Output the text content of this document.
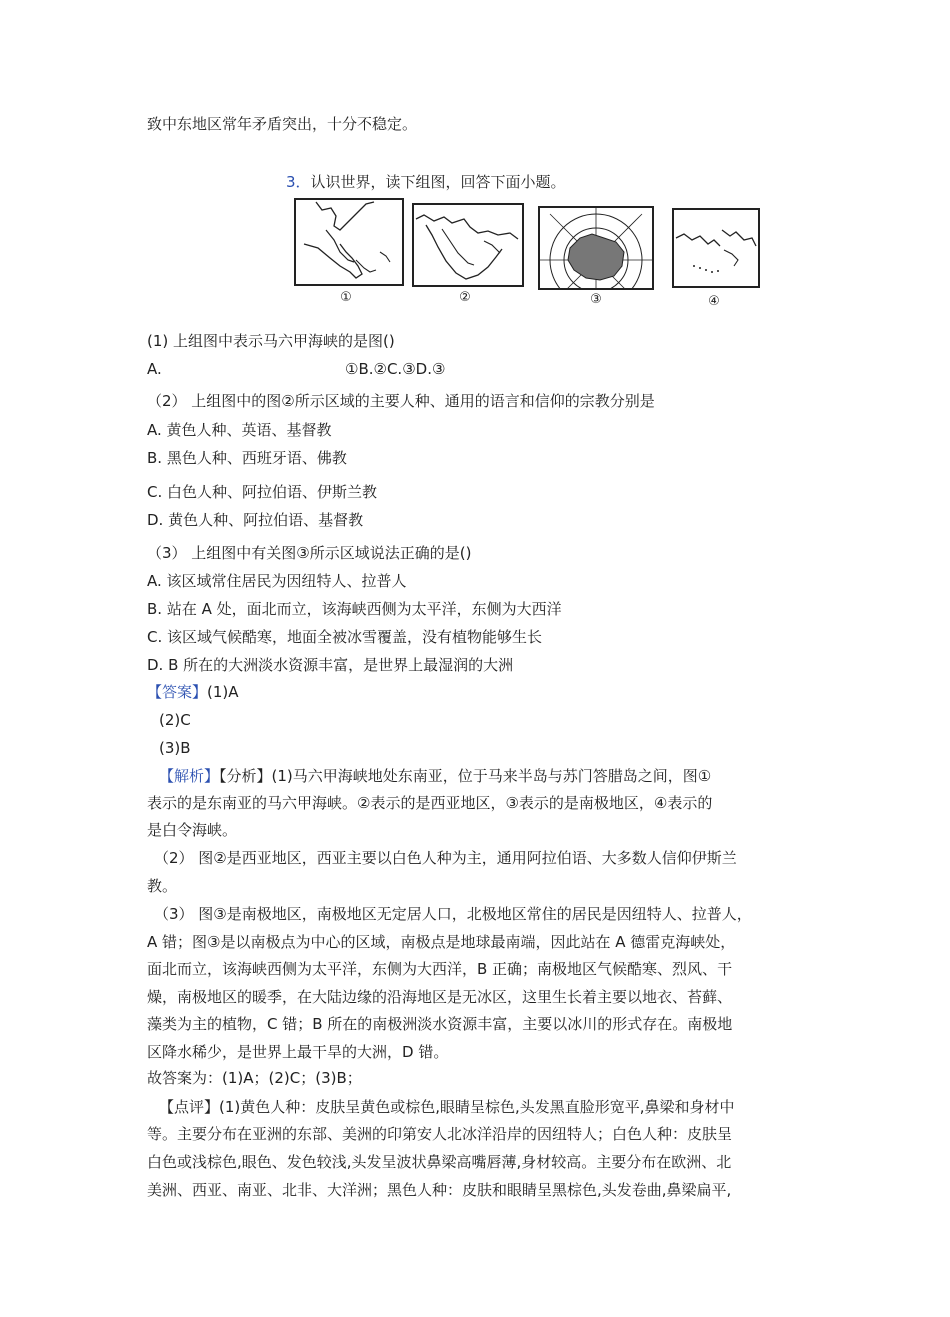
致中东地区常年矛盾突出，十分不稳定。
3．认识世界，读下组图，回答下面小题。
①	②	③	④
(1) 上组图中表示马六甲海峡的是图()
A.	①B.②C.③D.③
（2） 上组图中的图②所示区域的主要人种、通用的语言和信仰的宗教分别是
A. 黄色人种、英语、基督教
B. 黑色人种、西班牙语、佛教
C. 白色人种、阿拉伯语、伊斯兰教
D. 黄色人种、阿拉伯语、基督教
（3） 上组图中有关图③所示区域说法正确的是()
A. 该区域常住居民为因纽特人、拉普人
B. 站在 A 处，面北而立，该海峡西侧为太平洋，东侧为大西洋
C. 该区域气候酷寒，地面全被冰雪覆盖，没有植物能够生长
D. B 所在的大洲淡水资源丰富，是世界上最湿润的大洲
【答案】(1)A
(2)C
(3)B
【解析】【分析】(1)马六甲海峡地处东南亚，位于马来半岛与苏门答腊岛之间，图①
表示的是东南亚的马六甲海峡。②表示的是西亚地区，③表示的是南极地区，④表示的
是白令海峡。
（2） 图②是西亚地区，西亚主要以白色人种为主，通用阿拉伯语、大多数人信仰伊斯兰
教。
（3） 图③是南极地区，南极地区无定居人口，北极地区常住的居民是因纽特人、拉普人，
A 错；图③是以南极点为中心的区域，南极点是地球最南端，因此站在 A 德雷克海峡处，
面北而立，该海峡西侧为太平洋，东侧为大西洋，B 正确；南极地区气候酷寒、烈风、干
燥，南极地区的暖季，在大陆边缘的沿海地区是无冰区，这里生长着主要以地衣、苔藓、
藻类为主的植物，C 错；B 所在的南极洲淡水资源丰富，主要以冰川的形式存在。南极地
区降水稀少，是世界上最干旱的大洲，D 错。
故答案为：(1)A；(2)C；(3)B；
【点评】(1)黄色人种：皮肤呈黄色或棕色,眼睛呈棕色,头发黑直脸形宽平,鼻梁和身材中
等。主要分布在亚洲的东部、美洲的印第安人北冰洋沿岸的因纽特人；白色人种：皮肤呈
白色或浅棕色,眼色、发色较浅,头发呈波状鼻梁高嘴唇薄,身材较高。主要分布在欧洲、北
美洲、西亚、南亚、北非、大洋洲；黑色人种：皮肤和眼睛呈黑棕色,头发卷曲,鼻梁扁平,
